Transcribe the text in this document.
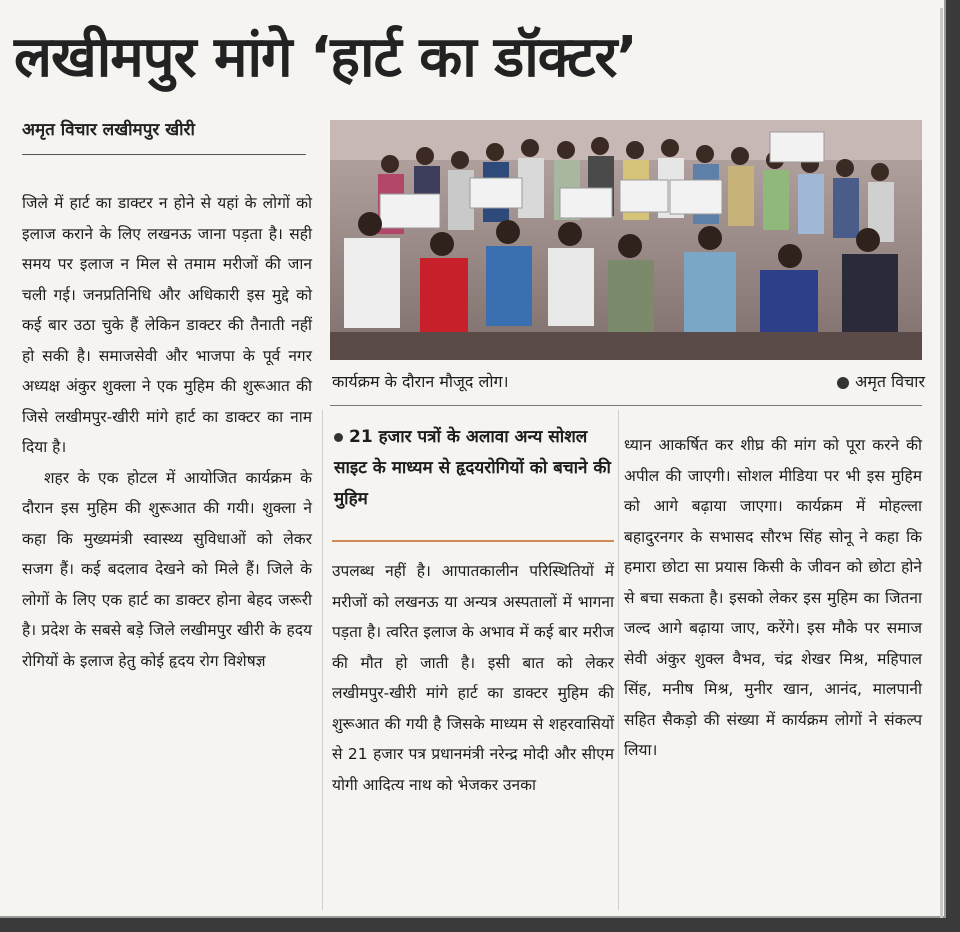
लखीमपुर मांगे ‘हार्ट का डॉक्टर’
अमृत विचार लखीमपुर खीरी

जिले में हार्ट का डाक्टर न होने से यहां के लोगों को इलाज कराने के लिए लखनऊ जाना पड़ता है। सही समय पर इलाज न मिल से तमाम मरीजों की जान चली गई। जनप्रतिनिधि और अधिकारी इस मुद्दे को कई बार उठा चुके हैं लेकिन डाक्टर की तैनाती नहीं हो सकी है। समाजसेवी और भाजपा के पूर्व नगर अध्यक्ष अंकुर शुक्ला ने एक मुहिम की शुरूआत की जिसे लखीमपुर-खीरी मांगे हार्ट का डाक्टर का नाम दिया है।

शहर के एक होटल में आयोजित कार्यक्रम के दौरान इस मुहिम की शुरूआत की गयी। शुक्ला ने कहा कि मुख्यमंत्री स्वास्थ्य सुविधाओं को लेकर सजग हैं। कई बदलाव देखने को मिले हैं। जिले के लोगों के लिए एक हार्ट का डाक्टर होना बेहद जरूरी है। प्रदेश के सबसे बड़े जिले लखीमपुर खीरी के हदय रोगियों के इलाज हेतु कोई हृदय रोग विशेषज्ञ

कार्यक्रम के दौरान मौजूद लोग।	अमृत विचार
21 हजार पत्रों के अलावा अन्य सोशल साइट के माध्यम से हृदयरोगियों को बचाने की मुहिम

उपलब्ध नहीं है। आपातकालीन परिस्थितियों में मरीजों को लखनऊ या अन्यत्र अस्पतालों में भागना पड़ता है। त्वरित इलाज के अभाव में कई बार मरीज की मौत हो जाती है। इसी बात को लेकर लखीमपुर-खीरी मांगे हार्ट का डाक्टर मुहिम की शुरूआत की गयी है जिसके माध्यम से शहरवासियों से 21 हजार पत्र प्रधानमंत्री नरेन्द्र मोदी और सीएम योगी आदित्य नाथ को भेजकर उनका

ध्यान आकर्षित कर शीघ्र की मांग को पूरा करने की अपील की जाएगी। सोशल मीडिया पर भी इस मुहिम को आगे बढ़ाया जाएगा। कार्यक्रम में मोहल्ला बहादुरनगर के सभासद सौरभ सिंह सोनू ने कहा कि हमारा छोटा सा प्रयास किसी के जीवन को छोटा होने से बचा सकता है। इसको लेकर इस मुहिम का जितना जल्द आगे बढ़ाया जाए, करेंगे। इस मौके पर समाज सेवी अंकुर शुक्ल वैभव, चंद्र शेखर मिश्र, महिपाल सिंह, मनीष मिश्र, मुनीर खान, आनंद, मालपानी सहित सैकड़ो की संख्या में कार्यक्रम लोगों ने संकल्प लिया।
